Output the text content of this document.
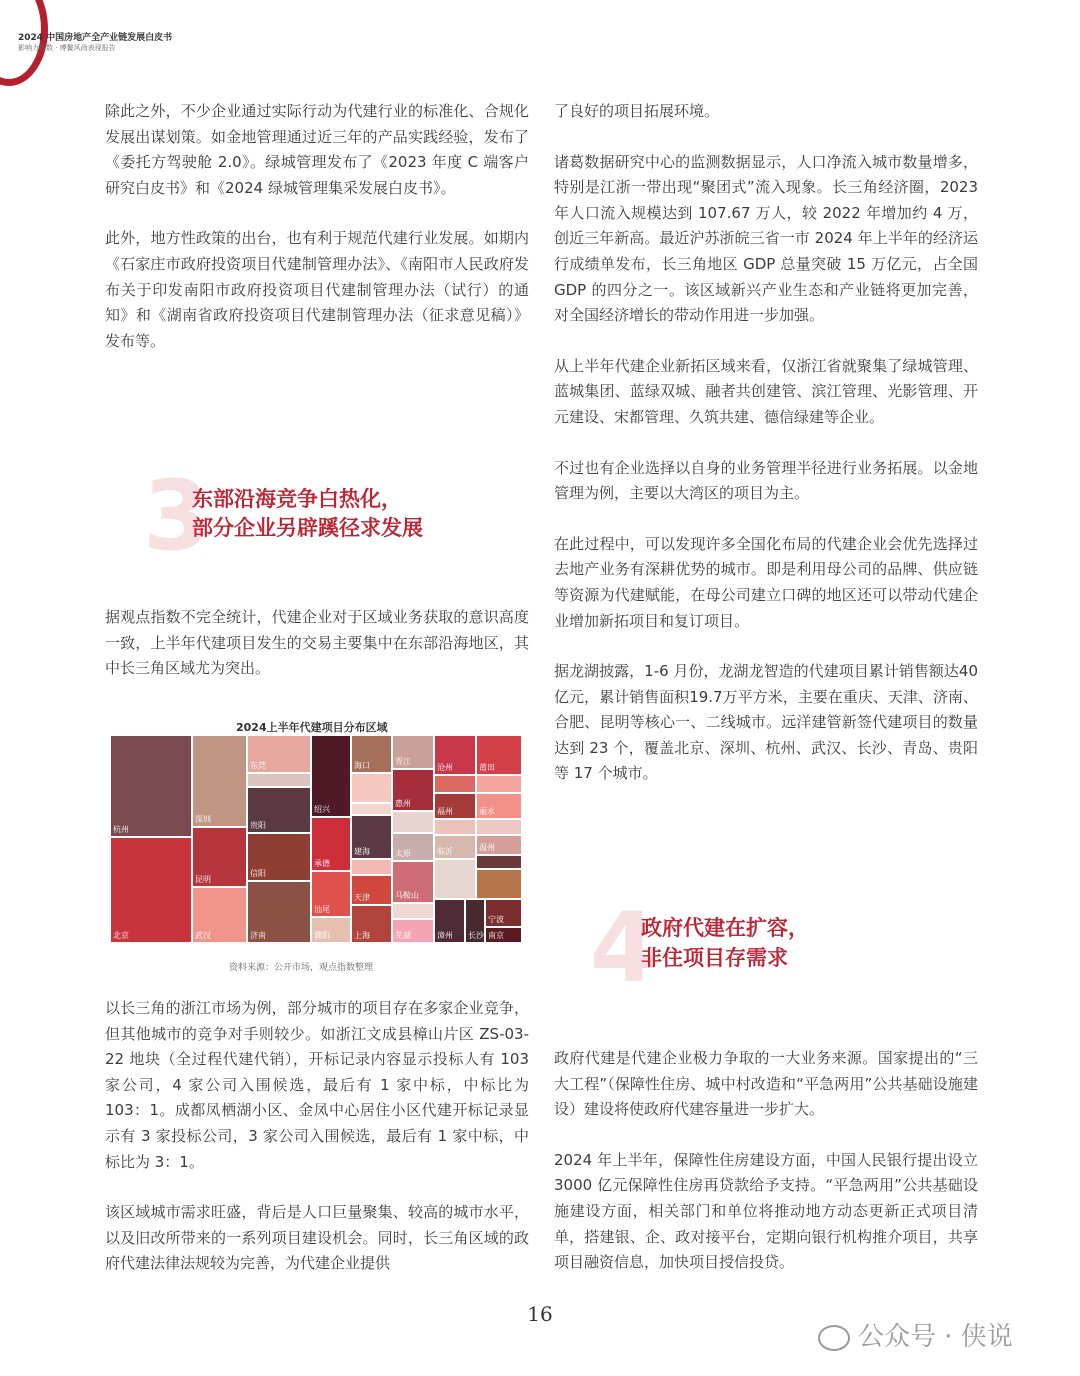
2024 中国房地产全产业链发展白皮书
影响力指数 · 博鳌风尚表现报告

除此之外，不少企业通过实际行动为代建行业的标准化、合规化发展出谋划策。如金地管理通过近三年的产品实践经验，发布了《委托方驾驶舱 2.0》。绿城管理发布了《2023 年度 C 端客户研究白皮书》和《2024 绿城管理集采发展白皮书》。

此外，地方性政策的出台，也有利于规范代建行业发展。如期内《石家庄市政府投资项目代建制管理办法》、《南阳市人民政府发布关于印发南阳市政府投资项目代建制管理办法（试行）的通知》和《湖南省政府投资项目代建制管理办法（征求意见稿）》发布等。

3
东部沿海竞争白热化，
部分企业另辟蹊径求发展

据观点指数不完全统计，代建企业对于区域业务获取的意识高度一致，上半年代建项目发生的交易主要集中在东部沿海地区，其中长三角区域尤为突出。

2024上半年代建项目分布区域
杭州
北京
深圳
东莞
昆明
武汉
贵阳
信阳
济南
绍兴
承德
汕尾
濮阳
海口
建海
天津
上海
晋江
惠州
太原
马鞍山
芜湖
沧州
福州
临沂
漳州
莆田
丽水
温州
长沙
宁波
南京
资料来源：公开市场，观点指数整理

以长三角的浙江市场为例，部分城市的项目存在多家企业竞争，但其他城市的竞争对手则较少。如浙江文成县樟山片区 ZS-03-22 地块（全过程代建代销），开标记录内容显示投标人有 103 家公司，4 家公司入围候选，最后有 1 家中标，中标比为 103：1。成都凤栖湖小区、金凤中心居住小区代建开标记录显示有 3 家投标公司，3 家公司入围候选，最后有 1 家中标，中标比为 3：1。

该区域城市需求旺盛，背后是人口巨量聚集、较高的城市水平，以及旧改所带来的一系列项目建设机会。同时，长三角区域的政府代建法律法规较为完善，为代建企业提供

了良好的项目拓展环境。

诸葛数据研究中心的监测数据显示，人口净流入城市数量增多，特别是江浙一带出现“聚团式”流入现象。长三角经济圈，2023 年人口流入规模达到 107.67 万人，较 2022 年增加约 4 万，创近三年新高。最近沪苏浙皖三省一市 2024 年上半年的经济运行成绩单发布，长三角地区 GDP 总量突破 15 万亿元，占全国 GDP 的四分之一。该区域新兴产业生态和产业链将更加完善，对全国经济增长的带动作用进一步加强。

从上半年代建企业新拓区域来看，仅浙江省就聚集了绿城管理、蓝城集团、蓝绿双城、融者共创建管、滨江管理、光影管理、开元建设、宋都管理、久筑共建、德信绿建等企业。

不过也有企业选择以自身的业务管理半径进行业务拓展。以金地管理为例，主要以大湾区的项目为主。

在此过程中，可以发现许多全国化布局的代建企业会优先选择过去地产业务有深耕优势的城市。即是利用母公司的品牌、供应链等资源为代建赋能，在母公司建立口碑的地区还可以带动代建企业增加新拓项目和复订项目。

据龙湖披露，1-6 月份，龙湖龙智造的代建项目累计销售额达40亿元，累计销售面积19.7万平方米，主要在重庆、天津、济南、合肥、昆明等核心一、二线城市。远洋建管新签代建项目的数量达到 23 个，覆盖北京、深圳、杭州、武汉、长沙、青岛、贵阳等 17 个城市。

4
政府代建在扩容，
非住项目存需求

政府代建是代建企业极力争取的一大业务来源。国家提出的“三大工程”（保障性住房、城中村改造和“平急两用”公共基础设施建设）建设将使政府代建容量进一步扩大。

2024 年上半年，保障性住房建设方面，中国人民银行提出设立 3000 亿元保障性住房再贷款给予支持。“平急两用”公共基础设施建设方面，相关部门和单位将推动地方动态更新正式项目清单，搭建银、企、政对接平台，定期向银行机构推介项目，共享项目融资信息，加快项目授信投贷。

16
公众号 · 侠说
